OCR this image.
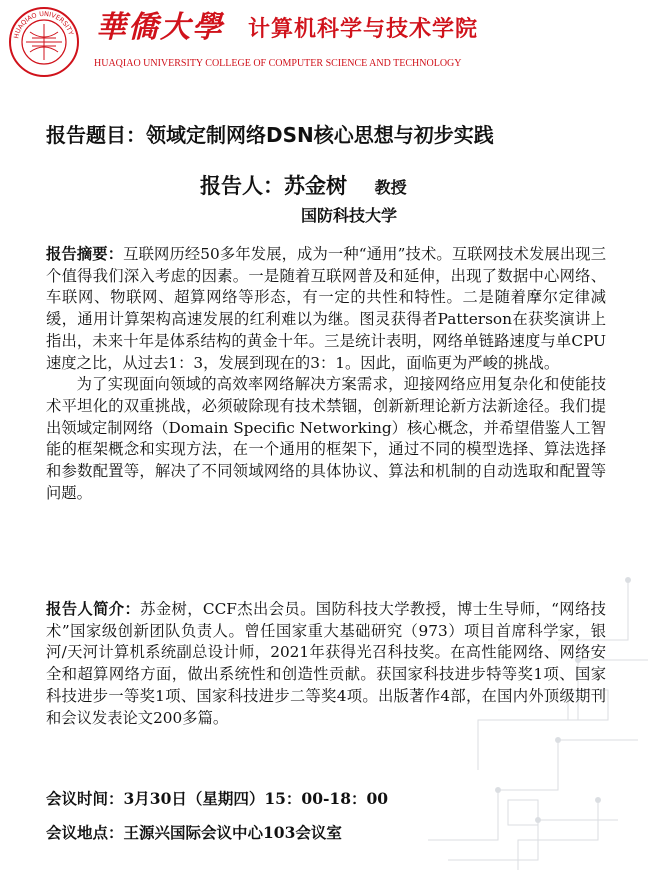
HUAQIAO UNIVERSITY 華僑大學 计算机科学与技术学院
HUAQIAO UNIVERSITY COLLEGE OF COMPUTER SCIENCE AND TECHNOLOGY
报告题目：领域定制网络DSN核心思想与初步实践
报告人：苏金树 教授
国防科技大学

报告摘要：互联网历经50多年发展，成为一种“通用”技术。互联网技术发展出现三个值得我们深入考虑的因素。一是随着互联网普及和延伸，出现了数据中心网络、车联网、物联网、超算网络等形态，有一定的共性和特性。二是随着摩尔定律减缓，通用计算架构高速发展的红利难以为继。图灵获得者Patterson在获奖演讲上指出，未来十年是体系结构的黄金十年。三是统计表明，网络单链路速度与单CPU速度之比，从过去1：3，发展到现在的3：1。因此，面临更为严峻的挑战。

为了实现面向领域的高效率网络解决方案需求，迎接网络应用复杂化和使能技术平坦化的双重挑战，必须破除现有技术禁锢，创新新理论新方法新途径。我们提出领域定制网络（Domain Specific Networking）核心概念，并希望借鉴人工智能的框架概念和实现方法，在一个通用的框架下，通过不同的模型选择、算法选择和参数配置等，解决了不同领域网络的具体协议、算法和机制的自动选取和配置等问题。

报告人简介：苏金树，CCF杰出会员。国防科技大学教授，博士生导师，“网络技术”国家级创新团队负责人。曾任国家重大基础研究（973）项目首席科学家，银河/天河计算机系统副总设计师，2021年获得光召科技奖。在高性能网络、网络安全和超算网络方面，做出系统性和创造性贡献。获国家科技进步特等奖1项、国家科技进步一等奖1项、国家科技进步二等奖4项。出版著作4部，在国内外顶级期刊和会议发表论文200多篇。

会议时间：3月30日（星期四）15：00-18：00
会议地点：王源兴国际会议中心103会议室
